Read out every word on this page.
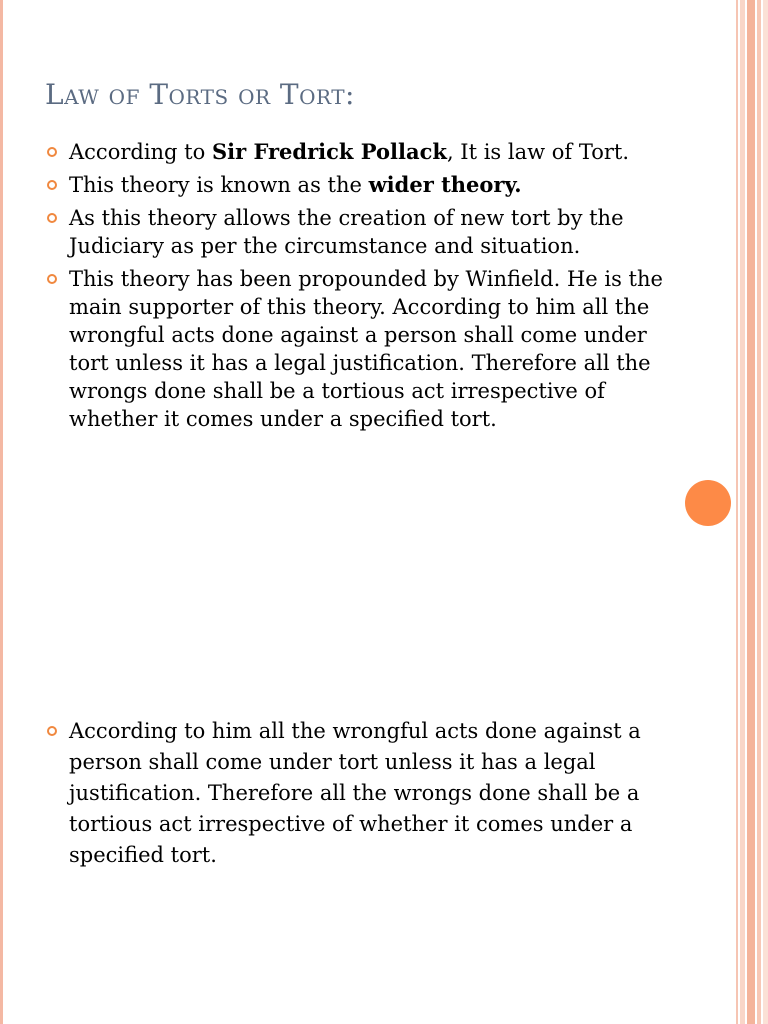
Law of Torts or Tort:
According to Sir Fredrick Pollack, It is law of Tort.
This theory is known as the wider theory.
As this theory allows the creation of new tort by the Judiciary as per the circumstance and situation.
This theory has been propounded by Winfield. He is the main supporter of this theory. According to him all the wrongful acts done against a person shall come under tort unless it has a legal justification. Therefore all the wrongs done shall be a tortious act irrespective of whether it comes under a specified tort.
According to him all the wrongful acts done against a person shall come under tort unless it has a legal justification. Therefore all the wrongs done shall be a tortious act irrespective of whether it comes under a specified tort.
